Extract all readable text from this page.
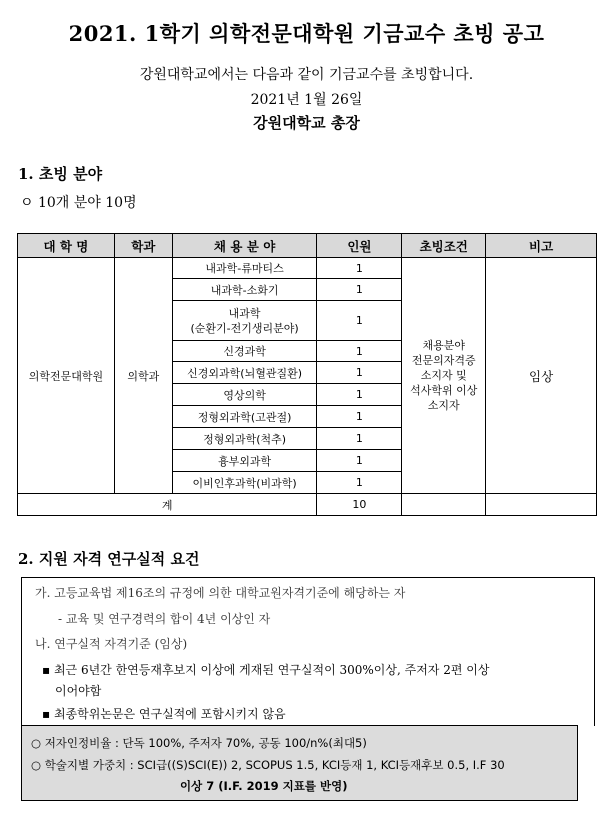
2021. 1학기 의학전문대학원 기금교수 초빙 공고
강원대학교에서는 다음과 같이 기금교수를 초빙합니다.
2021년 1월 26일
강원대학교 총장
1. 초빙 분야
ㅇ 10개 분야 10명
대 학 명	학과	채 용 분 야	인원	초빙조건	비고
의학전문대학원	의학과	내과학-류마티스	1	채용분야
전문의자격증
소지자 및
석사학위 이상
소지자	임상
		내과학-소화기	1		
		내과학
(순환기-전기생리분야)	1		
		신경과학	1		
		신경외과학(뇌혈관질환)	1		
		영상의학	1		
		정형외과학(고관절)	1		
		정형외과학(척추)	1		
		흉부외과학	1		
		이비인후과학(비과학)	1		
계			10		
2. 지원 자격 연구실적 요건
가. 고등교육법 제16조의 규정에 의한 대학교원자격기준에 해당하는 자
- 교육 및 연구경력의 합이 4년 이상인 자
나. 연구실적 자격기준 (임상)
▪ 최근 6년간 한연등재후보지 이상에 게재된 연구실적이 300%이상, 주저자 2편 이상
이어야함
▪ 최종학위논문은 연구실적에 포함시키지 않음
○ 저자인정비율 : 단독 100%, 주저자 70%, 공동 100/n%(최대5)
○ 학술지별 가중치 : SCI급((S)SCI(E)) 2, SCOPUS 1.5, KCI등재 1, KCI등재후보 0.5, I.F 30
이상 7 (I.F. 2019 지표를 반영)
